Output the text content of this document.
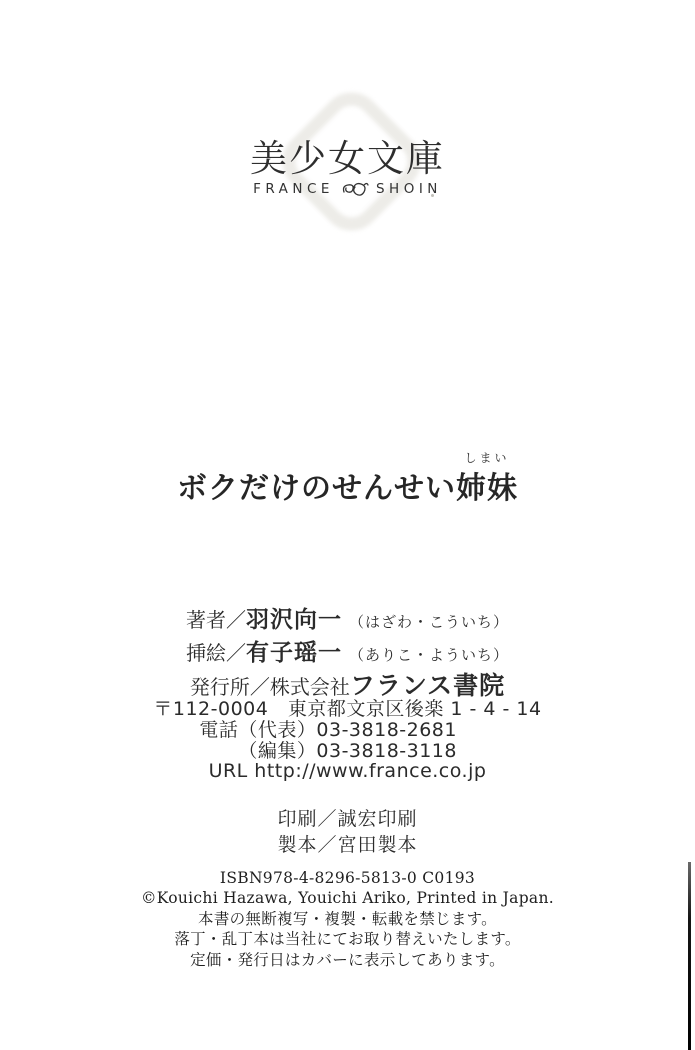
美少女文庫
FRANCE	SHOIN
ボクだけのせんせい
しまい
姉妹
著者／ 羽沢向一 （はざわ・こういち）
挿絵／ 有子瑶一 （ありこ・よういち）
発行所／株式会社 フランス書院
〒112-0004　東京都文京区後楽 1 - 4 - 14
電話（代表）03-3818-2681
（編集）03-3818-3118
URL http://www.france.co.jp
印刷／誠宏印刷
製本／宮田製本
ISBN978-4-8296-5813-0 C0193
©Kouichi Hazawa, Youichi Ariko, Printed in Japan.
本書の無断複写・複製・転載を禁じます。
落丁・乱丁本は当社にてお取り替えいたします。
定価・発行日はカバーに表示してあります。
